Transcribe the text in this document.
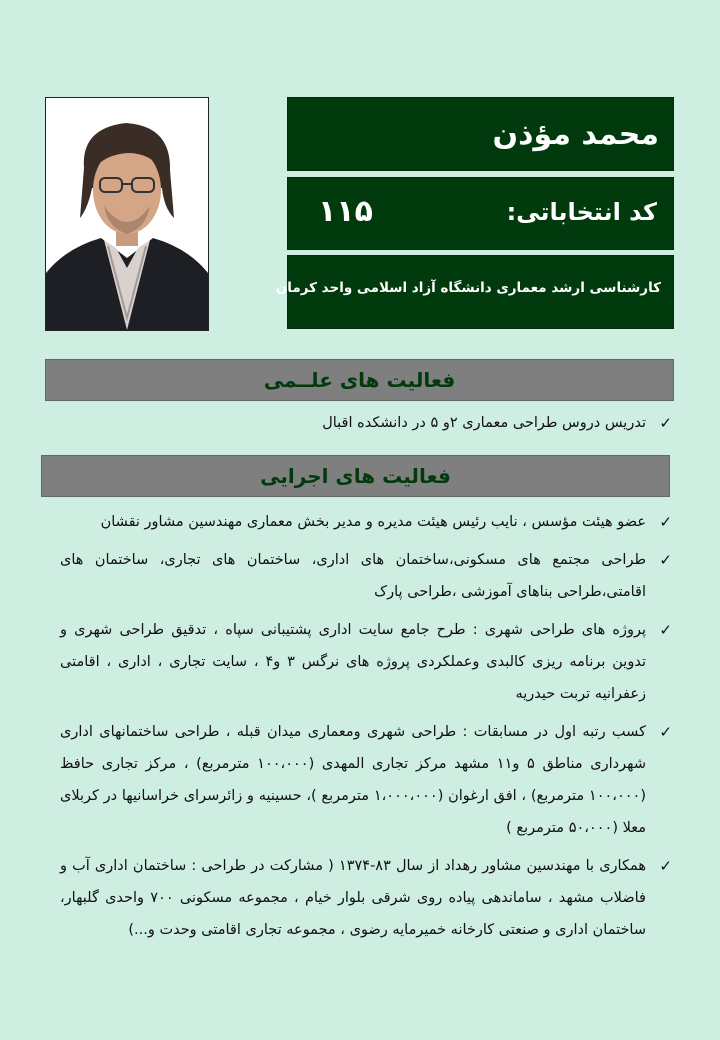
محمد مؤذن
کد انتخاباتی:
۱۱۵
کارشناسی ارشد معماری دانشگاه آزاد اسلامی واحد کرمان
فعالیت های علــمی
✓
تدریس دروس طراحی معماری ۲و ۵ در دانشکده اقبال
فعالیت های اجرایی
✓
عضو هیئت مؤسس ، نایب رئیس هیئت مدیره و مدیر بخش معماری مهندسین مشاور نقشان
✓
طراحی مجتمع های مسکونی،ساختمان های اداری، ساختمان های تجاری، ساختمان های اقامتی،طراحی بناهای آموزشی ،طراحی پارک
✓
پروژه های طراحی شهری : طرح جامع سایت اداری پشتیبانی سپاه ، تدقیق طراحی شهری و تدوین برنامه ریزی کالبدی وعملکردی پروژه های نرگس ۳ و۴ ، سایت تجاری ، اداری ، اقامتی زعفرانیه تربت حیدریه
✓
کسب رتبه اول در مسابقات : طراحی شهری ومعماری میدان قبله ، طراحی ساختمانهای اداری شهرداری مناطق ۵ و۱۱ مشهد مرکز تجاری المهدی (۱۰۰،۰۰۰ مترمربع) ، مرکز تجاری حافظ (۱۰۰،۰۰۰ مترمربع) ، افق ارغوان (۱،۰۰۰،۰۰۰ مترمربع )، حسینیه و زائرسرای خراسانیها در کربلای معلا (۵۰،۰۰۰ مترمربع )
✓
همکاری با مهندسین مشاور رهداد از سال ۸۳-۱۳۷۴ ( مشارکت در طراحی : ساختمان اداری آب و فاضلاب مشهد ، ساماندهی پیاده روی شرقی بلوار خیام ، مجموعه مسکونی ۷۰۰ واحدی گلبهار، ساختمان اداری و صنعتی کارخانه خمیرمایه رضوی ، مجموعه تجاری اقامتی وحدت و...)
